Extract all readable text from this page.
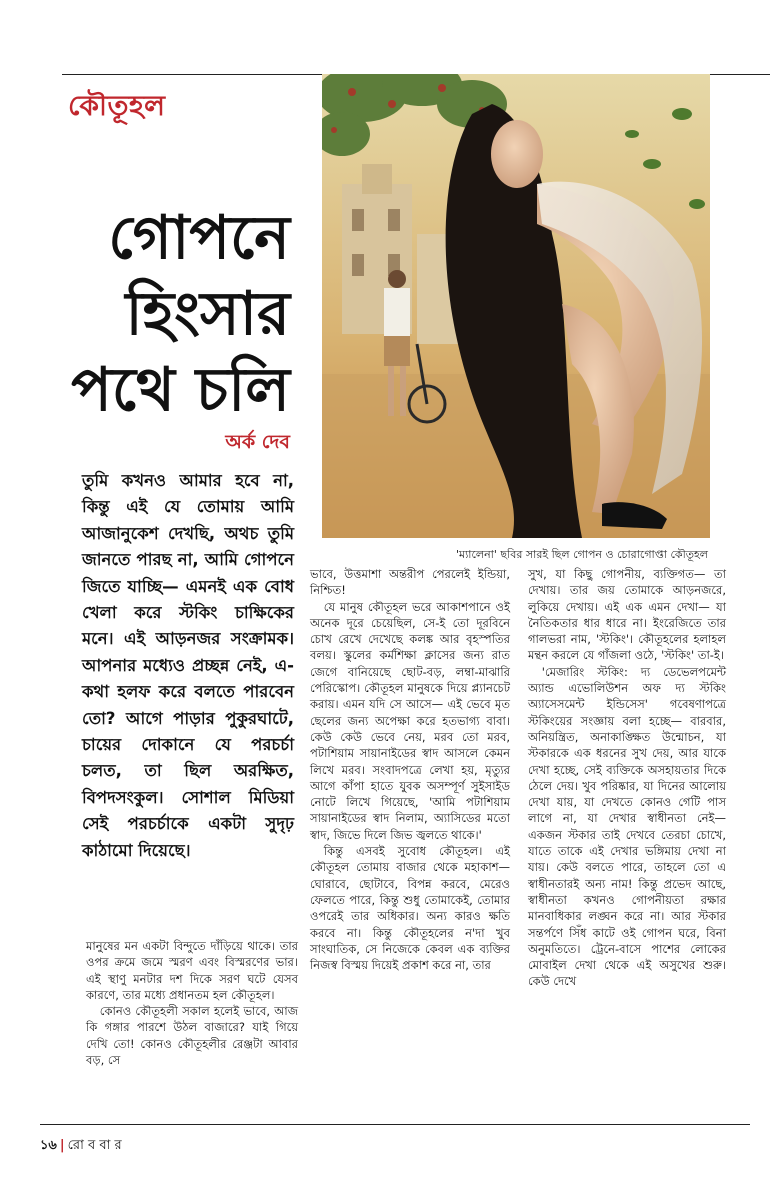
কৌতূহল
গোপনে
হিংসার
পথে চলি
অর্ক দেব
তুমি কখনও আমার হবে না, কিন্তু এই যে তোমায় আমি আজানুকেশ দেখছি, অথচ তুমি জানতে পারছ না, আমি গোপনে জিতে যাচ্ছি— এমনই এক বোধ খেলা করে স্টকিং চাক্ষিকের মনে। এই আড়নজর সংক্রামক। আপনার মধ্যেও প্রচ্ছন্ন নেই, এ-কথা হলফ করে বলতে পারবেন তো? আগে পাড়ার পুকুরঘাটে, চায়ের দোকানে যে পরচর্চা চলত, তা ছিল অরক্ষিত, বিপদসংকুল। সোশাল মিডিয়া সেই পরচর্চাকে একটা সুদৃঢ় কাঠামো দিয়েছে।
'ম্যালেনা' ছবির সারই ছিল গোপন ও চোরাগোপ্তা কৌতূহল

মানুষের মন একটা বিন্দুতে দাঁড়িয়ে থাকে। তার ওপর ক্রমে জমে স্মরণ এবং বিস্মরণের ভার। এই স্থাণু মনটার দশ দিকে সরণ ঘটে যেসব কারণে, তার মধ্যে প্রধানতম হল কৌতূহল।

কোনও কৌতূহলী সকাল হলেই ভাবে, আজ কি গঙ্গার পারশে উঠল বাজারে? যাই গিয়ে দেখি তো! কোনও কৌতূহলীর রেঞ্জটা আবার বড়, সে

ভাবে, উত্তমাশা অন্তরীপ পেরলেই ইন্ডিয়া, নিশ্চিত!

যে মানুষ কৌতূহল ভরে আকাশপানে ওই অনেক দূরে চেয়েছিল, সে-ই তো দূরবিনে চোখ রেখে দেখেছে কলঙ্ক আর বৃহস্পতির বলয়। স্কুলের কর্মশিক্ষা ক্লাসের জন্য রাত জেগে বানিয়েছে ছোট-বড়, লম্বা-মাঝারি পেরিস্কোপ। কৌতূহল মানুষকে দিয়ে প্ল্যানচেট করায়। এমন যদি সে আসে— এই ভেবে মৃত ছেলের জন্য অপেক্ষা করে হতভাগ্য বাবা। কেউ কেউ ভেবে নেয়, মরব তো মরব, পটাশিয়াম সায়ানাইডের স্বাদ আসলে কেমন লিখে মরব। সংবাদপত্রে লেখা হয়, মৃত্যুর আগে কাঁপা হাতে যুবক অসম্পূর্ণ সুইসাইড নোটে লিখে গিয়েছে, 'আমি পটাশিয়াম সায়ানাইডের স্বাদ নিলাম, অ্যাসিডের মতো স্বাদ, জিভে দিলে জিভ জ্বলতে থাকে।'

কিন্তু এসবই সুবোধ কৌতূহল। এই কৌতূহল তোমায় বাজার থেকে মহাকাশ— ঘোরাবে, ছোটাবে, বিপন্ন করবে, মেরেও ফেলতে পারে, কিন্তু শুধু তোমাকেই, তোমার ওপরেই তার অধিকার। অন্য কারও ক্ষতি করবে না। কিন্তু কৌতূহলের ন'দা খুব সাংঘাতিক, সে নিজেকে কেবল এক ব্যক্তির নিজস্ব বিস্ময় দিয়েই প্রকাশ করে না, তার

সুখ, যা কিছু গোপনীয়, ব্যক্তিগত— তা দেখায়। তার জয় তোমাকে আড়নজরে, লুকিয়ে দেখায়। এই এক এমন দেখা— যা নৈতিকতার ধার ধারে না। ইংরেজিতে তার গালভরা নাম, 'স্টকিং'। কৌতূহলের হলাহল মন্থন করলে যে গাঁজলা ওঠে, 'স্টকিং' তা-ই।

'মেজারিং স্টকিং: দ্য ডেভেলপমেন্ট অ্যান্ড এভোলিউশন অফ দ্য স্টকিং অ্যাসেসমেন্ট ইন্ডিসেস' গবেষণাপত্রে স্টকিংয়ের সংজ্ঞায় বলা হচ্ছে— বারবার, অনিয়ন্ত্রিত, অনাকাঙ্ক্ষিত উন্মোচন, যা স্টকারকে এক ধরনের সুখ দেয়, আর যাকে দেখা হচ্ছে, সেই ব্যক্তিকে অসহায়তার দিকে ঠেলে দেয়। খুব পরিষ্কার, যা দিনের আলোয় দেখা যায়, যা দেখতে কোনও গেটি পাস লাগে না, যা দেখার স্বাধীনতা নেই— একজন স্টকার তাই দেখবে তেরচা চোখে, যাতে তাকে এই দেখার ভঙ্গিমায় দেখা না যায়। কেউ বলতে পারে, তাহলে তো এ স্বাধীনতারই অন্য নাম! কিন্তু প্রভেদ আছে, স্বাধীনতা কখনও গোপনীয়তা রক্ষার মানবাধিকার লঙ্ঘন করে না। আর স্টকার সন্তর্পণে সিঁধ কাটে ওই গোপন ঘরে, বিনা অনুমতিতে। ট্রেনে-বাসে পাশের লোকের মোবাইল দেখা থেকে এই অসুখের শুরু। কেউ দেখে

১৬ | রো ব বা র
